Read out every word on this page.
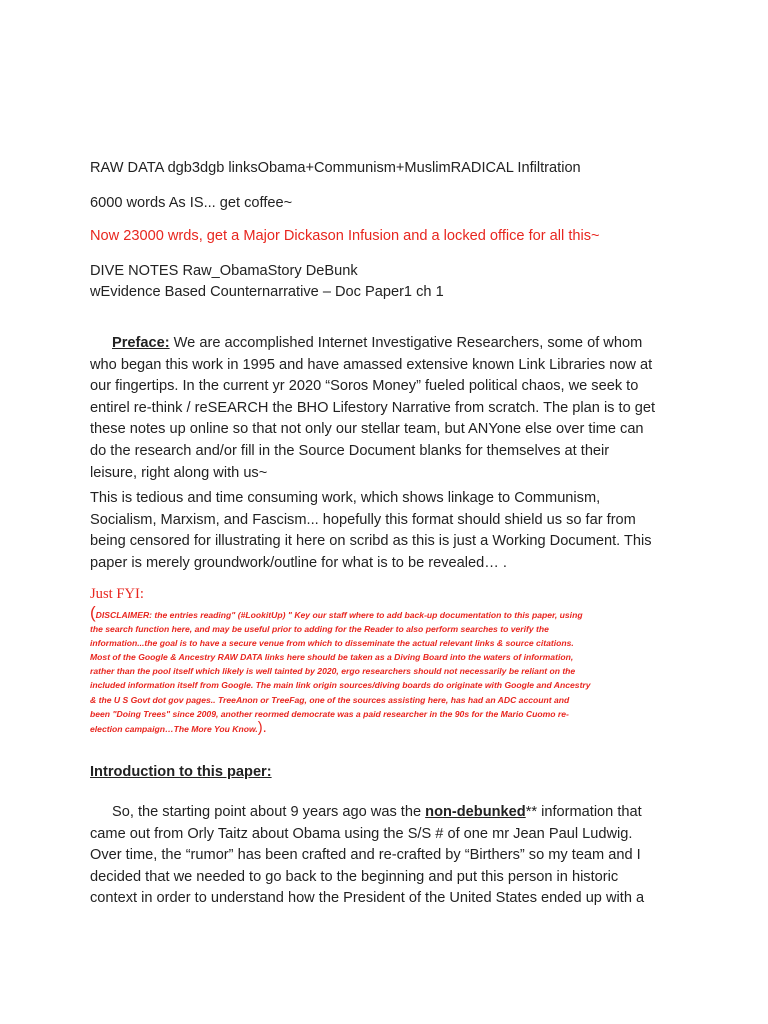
RAW DATA dgb3dgb linksObama+Communism+MuslimRADICAL Infiltration
6000 words As IS... get coffee~
Now 23000 wrds, get a Major Dickason Infusion and a locked office for all this~
DIVE NOTES Raw_ObamaStory DeBunk
wEvidence Based Counternarrative – Doc Paper1 ch 1
Preface: We are accomplished Internet Investigative Researchers, some of whom
who began this work in 1995 and have amassed extensive known Link Libraries now at
our fingertips. In the current yr 2020 “Soros Money” fueled political chaos, we seek to
entirel re-think / reSEARCH the BHO Lifestory Narrative from scratch. The plan is to get
these notes up online so that not only our stellar team, but ANYone else over time can
do the research and/or fill in the Source Document blanks for themselves at their
leisure, right along with us~
This is tedious and time consuming work, which shows linkage to Communism,
Socialism, Marxism, and Fascism... hopefully this format should shield us so far from
being censored for illustrating it here on scribd as this is just a Working Document. This
paper is merely groundwork/outline for what is to be revealed… .
Just FYI:
(DISCLAIMER: the entries reading" (#LookitUp) " Key our staff where to add back-up documentation to this paper, using
the search function here, and may be useful prior to adding for the Reader to also perform searches to verify the
information...the goal is to have a secure venue from which to disseminate the actual relevant links & source citations.
Most of the Google & Ancestry RAW DATA links here should be taken as a Diving Board into the waters of information,
rather than the pool itself which likely is well tainted by 2020, ergo researchers should not necessarily be reliant on the
included information itself from Google. The main link origin sources/diving boards do originate with Google and Ancestry
& the U S Govt dot gov pages.. TreeAnon or TreeFag, one of the sources assisting here, has had an ADC account and
been "Doing Trees" since 2009, another reormed democrate was a paid researcher in the 90s for the Mario Cuomo re-
election campaign…The More You Know.).
Introduction to this paper:
So, the starting point about 9 years ago was the non-debunked** information that
came out from Orly Taitz about Obama using the S/S # of one mr Jean Paul Ludwig.
Over time, the “rumor” has been crafted and re-crafted by “Birthers” so my team and I
decided that we needed to go back to the beginning and put this person in historic
context in order to understand how the President of the United States ended up with a
